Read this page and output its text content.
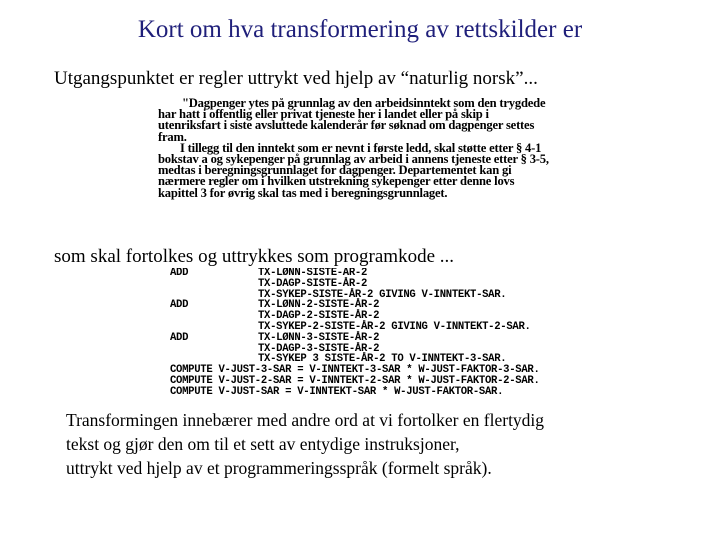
Kort om hva transformering av rettskilder er
Utgangspunktet er regler uttrykt ved hjelp av “naturlig norsk”...

"Dagpenger ytes på grunnlag av den arbeidsinntekt som den trygdede

har hatt i offentlig eller privat tjeneste her i landet eller på skip i

utenriksfart i siste avsluttede kalenderår før søknad om dagpenger settes

fram.

I tillegg til den inntekt som er nevnt i første ledd, skal støtte etter § 4-1

bokstav a og sykepenger på grunnlag av arbeid i annens tjeneste etter § 3-5,

medtas i beregningsgrunnlaget for dagpenger. Departementet kan gi

nærmere regler om i hvilken utstrekning sykepenger etter denne lovs

kapittel 3 for øvrig skal tas med i beregningsgrunnlaget.

som skal fortolkes og uttrykkes som programkode ...
ADD	TX-LØNN-SISTE-ÅR-2
TX-DAGP-SISTE-ÅR-2
TX-SYKEP-SISTE-ÅR-2 GIVING V-INNTEKT-SAR.
ADD	TX-LØNN-2-SISTE-ÅR-2
TX-DAGP-2-SISTE-ÅR-2
TX-SYKEP-2-SISTE-ÅR-2 GIVING V-INNTEKT-2-SAR.
ADD	TX-LØNN-3-SISTE-ÅR-2
TX-DAGP-3-SISTE-ÅR-2
TX-SYKEP 3 SISTE-ÅR-2 TO V-INNTEKT-3-SAR.
COMPUTE V-JUST-3-SAR = V-INNTEKT-3-SAR * W-JUST-FAKTOR-3-SAR.
COMPUTE V-JUST-2-SAR = V-INNTEKT-2-SAR * W-JUST-FAKTOR-2-SAR.
COMPUTE V-JUST-SAR = V-INNTEKT-SAR * W-JUST-FAKTOR-SAR.
Transformingen innebærer med andre ord at vi fortolker en flertydig
tekst og gjør den om til et sett av entydige instruksjoner,
uttrykt ved hjelp av et programmeringsspråk (formelt språk).
